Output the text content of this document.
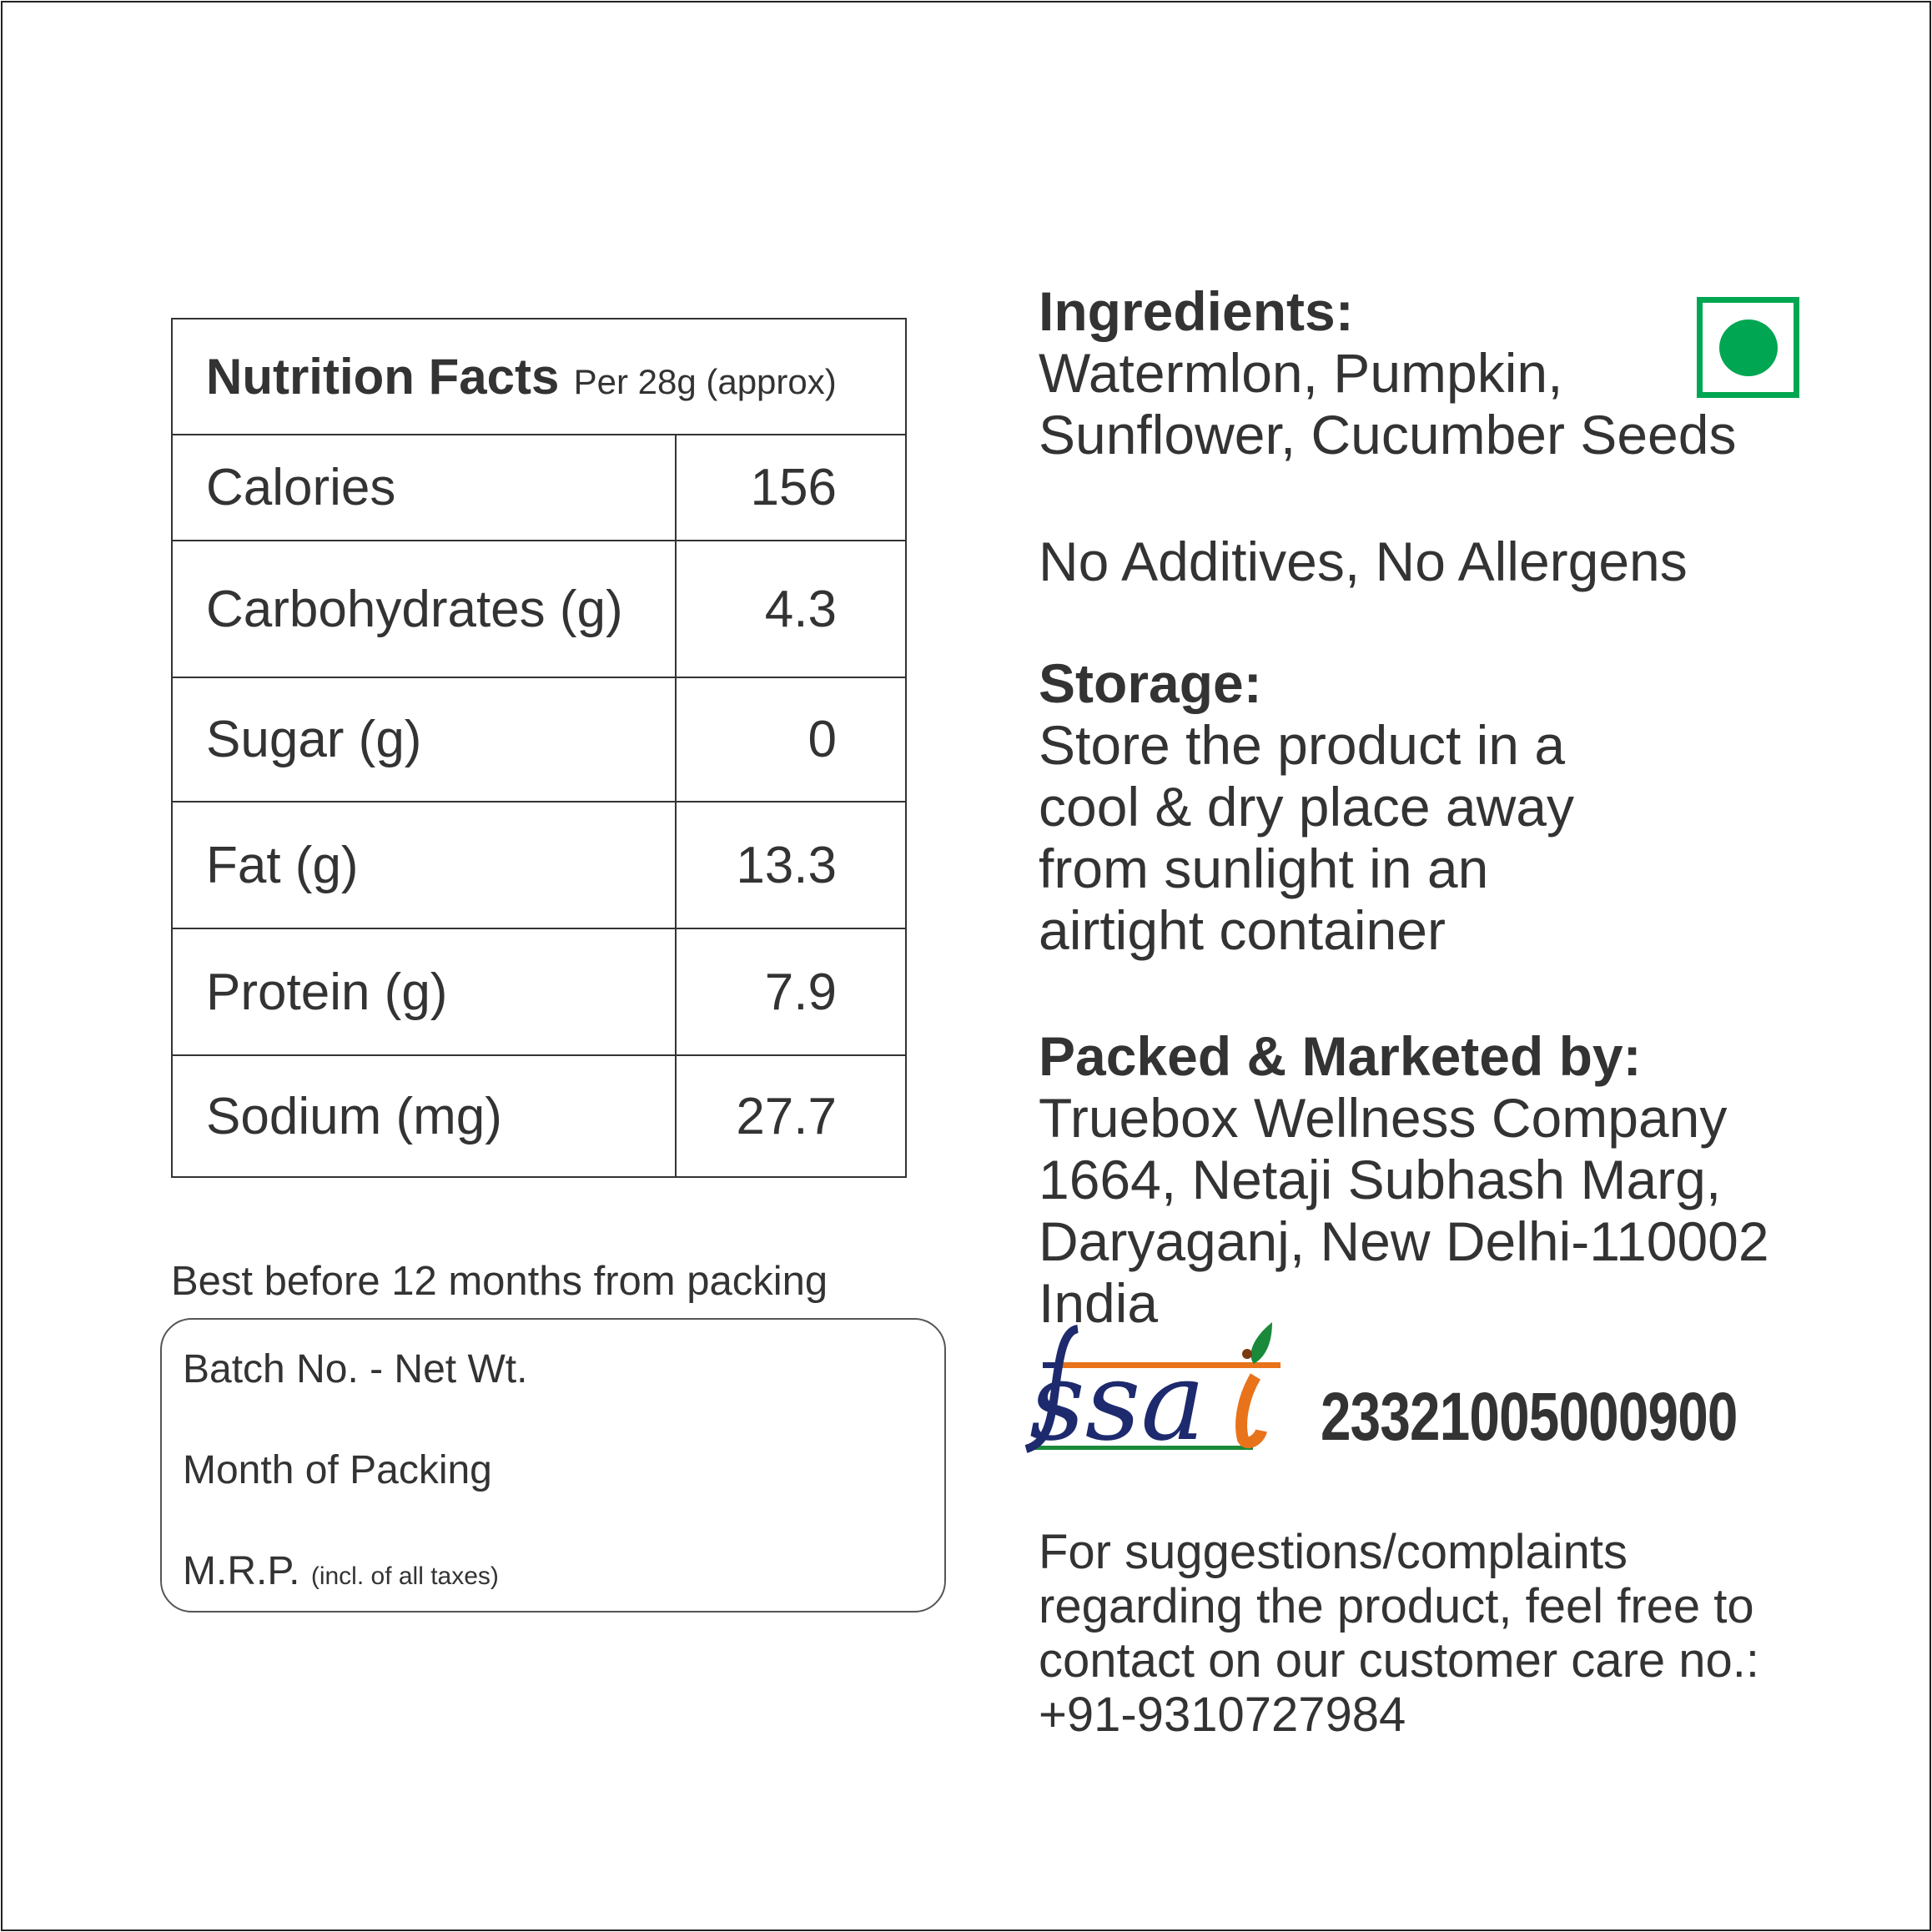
Nutrition Facts Per 28g (approx)	
Calories	156
Carbohydrates (g)	4.3
Sugar (g)	0
Fat (g)	13.3
Protein (g)	7.9
Sodium (mg)	27.7
Best before 12 months from packing
Batch No. - Net Wt.
Month of Packing
M.R.P. (incl. of all taxes)
Ingredients:
Watermlon, Pumpkin,
Sunflower, Cucumber Seeds
No Additives, No Allergens
Storage:
Store the product in a
cool & dry place away
from sunlight in an
airtight container
Packed & Marketed by:
Truebox Wellness Company
1664, Netaji Subhash Marg,
Daryaganj, New Delhi-110002
India
ssa 23321005000900
For suggestions/complaints
regarding the product, feel free to
contact on our customer care no.:
+91-9310727984
